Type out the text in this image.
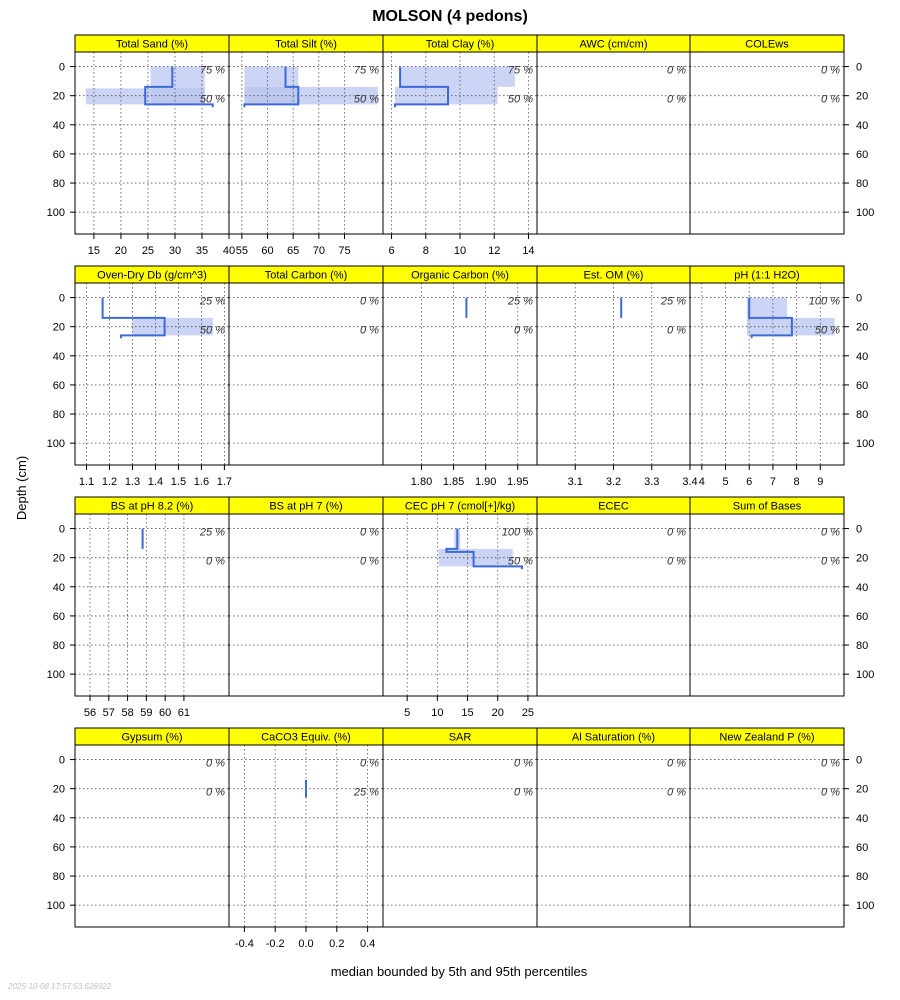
MOLSON (4 pedons)
Total Sand (%)
75 %
50 %
15 20 25 30 35 40
0
20
40
60
80
100
Total Silt (%)
75 %
50 %
55 60 65 70 75
Total Clay (%)
75 %
50 %
6	8 10 12 14
AWC (cm/cm)
0 %
0 %
COLEws
0 %
0 %
0
20
40
60
80
100
Oven-Dry Db (g/cm^3)
25 %
50 %
1.1 1.2 1.3 1.4 1.5 1.6 1.7
0
20
40
60
80
100
Total Carbon (%)
0 %
0 %
Organic Carbon (%)
25 %
0 %
1.80 1.85 1.90 1.95
Est. OM (%)
25 %
0 %
3.1 3.2 3.3 3.4
pH (1:1 H2O)
100 %
50 %
4 5 6 7 8 9
0
20
40
60
80
100
BS at pH 8.2 (%)
25 %
0 %
56 57 58 59 60 61
0
20
40
60
80
100
BS at pH 7 (%)
0 %
0 %
CEC pH 7 (cmol[+]/kg)
100 %
50 %
5 10 15 20 25
ECEC
0 %
0 %
Sum of Bases
0 %
0 %
0
20
40
60
80
100
Gypsum (%)
0 %
0 %
0
20
40
60
80
100
CaCO3 Equiv. (%)
0 %
25 %
-0.4 -0.2 0.0 0.2 0.4
SAR
0 %
0 %
Al Saturation (%)
0 %
0 %
New Zealand P (%)
0 %
0 %
0
20
40
60
80
100
Depth (cm)
median bounded by 5th and 95th percentiles
2025-10-08 17:57:53.626922
